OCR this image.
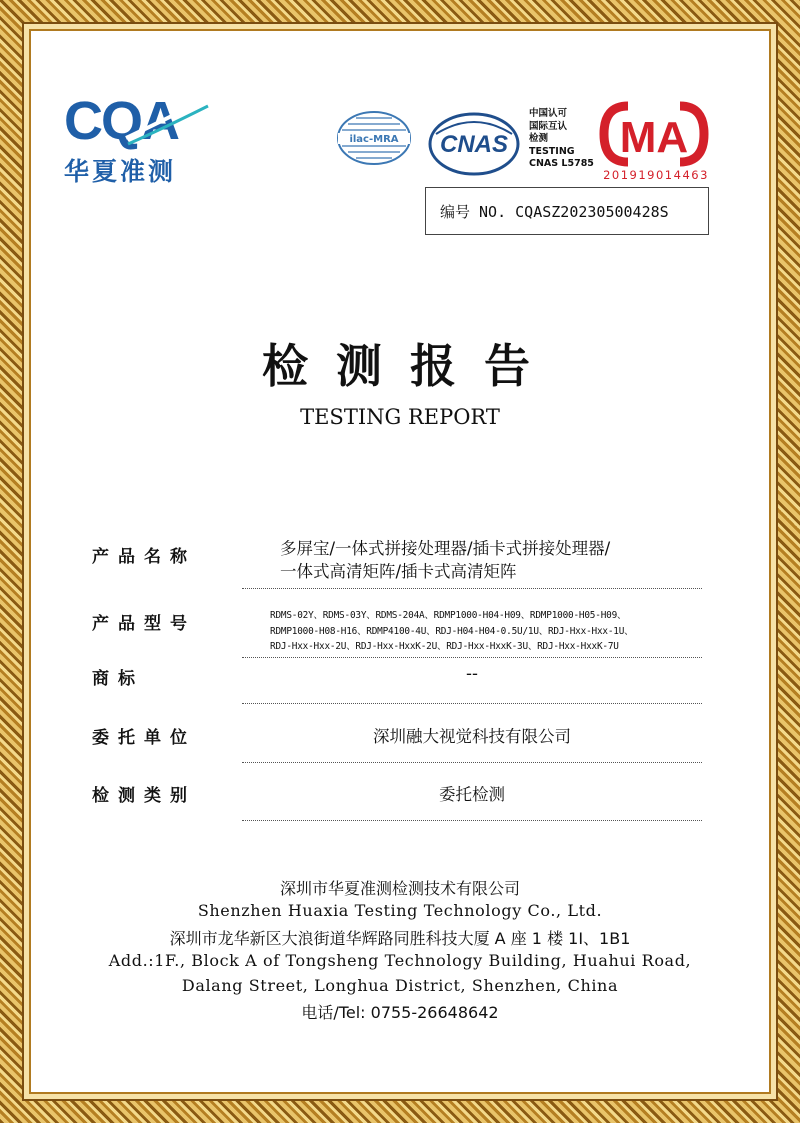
CQA
华夏准测
ilac-MRA CNAS
中国认可
国际互认
检测
TESTING
CNAS L5785
MA
201919014463
编号 NO. CQASZ20230500428S
检测报告
TESTING REPORT
产品名称	多屏宝/一体式拼接处理器/插卡式拼接处理器/
一体式高清矩阵/插卡式高清矩阵
产品型号	RDMS-02Y、RDMS-03Y、RDMS-204A、RDMP1000-H04-H09、RDMP1000-H05-H09、
RDMP1000-H08-H16、RDMP4100-4U、RDJ-H04-H04-0.5U/1U、RDJ-Hxx-Hxx-1U、
RDJ-Hxx-Hxx-2U、RDJ-Hxx-HxxK-2U、RDJ-Hxx-HxxK-3U、RDJ-Hxx-HxxK-7U
商标	--
委托单位	深圳融大视觉科技有限公司
检测类别	委托检测
深圳市华夏准测检测技术有限公司
Shenzhen Huaxia Testing Technology Co., Ltd.
深圳市龙华新区大浪街道华辉路同胜科技大厦 A 座 1 楼 1I、1B1
Add.:1F., Block A of Tongsheng Technology Building, Huahui Road,
Dalang Street, Longhua District, Shenzhen, China
电话/Tel: 0755-26648642
